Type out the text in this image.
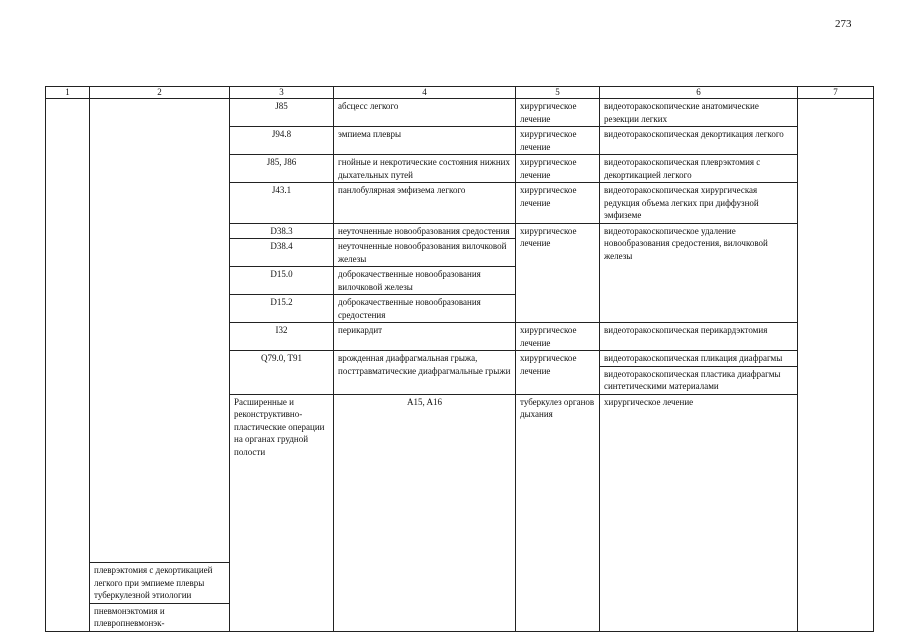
273
1	2	3	4	5	6	7	
		J85	абсцесс легкого	хирургическое лечение	видеоторакоскопические анатомические резекции легких		
		J94.8	эмпиема плевры	хирургическое лечение	видеоторакоскопическая декортикация легкого		
		J85, J86	гнойные и некротические состояния нижних дыхательных путей	хирургическое лечение	видеоторакоскопическая плеврэктомия с декортикацией легкого		
		J43.1	панлобулярная эмфизема легкого	хирургическое лечение	видеоторакоскопическая хирургическая редукция объема легких при диффузной эмфиземе		
		D38.3	неуточненные новообразования средостения	хирургическое лечение	видеоторакоскопическое удаление новообразования средостения, вилочковой железы		
		D38.4	неуточненные новообразования вилочковой железы				
		D15.0	доброкачественные новообразования вилочковой железы				
		D15.2	доброкачественные новообразования средостения				
		I32	перикардит	хирургическое лечение	видеоторакоскопическая перикардэктомия		
		Q79.0, T91	врожденная диафрагмальная грыжа, посттравматические диафрагмальные грыжи	хирургическое лечение	видеоторакоскопическая пликация диафрагмы		
					видеоторакоскопическая пластика диафрагмы синтетическими материалами		
		Расширенные и реконструктивно-пластические операции на органах грудной полости	A15, A16	туберкулез органов дыхания	хирургическое лечение	

	плеврэктомия с декортикацией легкого при эмпиеме плевры туберкулезной этиологии						
	пневмонэктомия и плевропневмонэк-						
